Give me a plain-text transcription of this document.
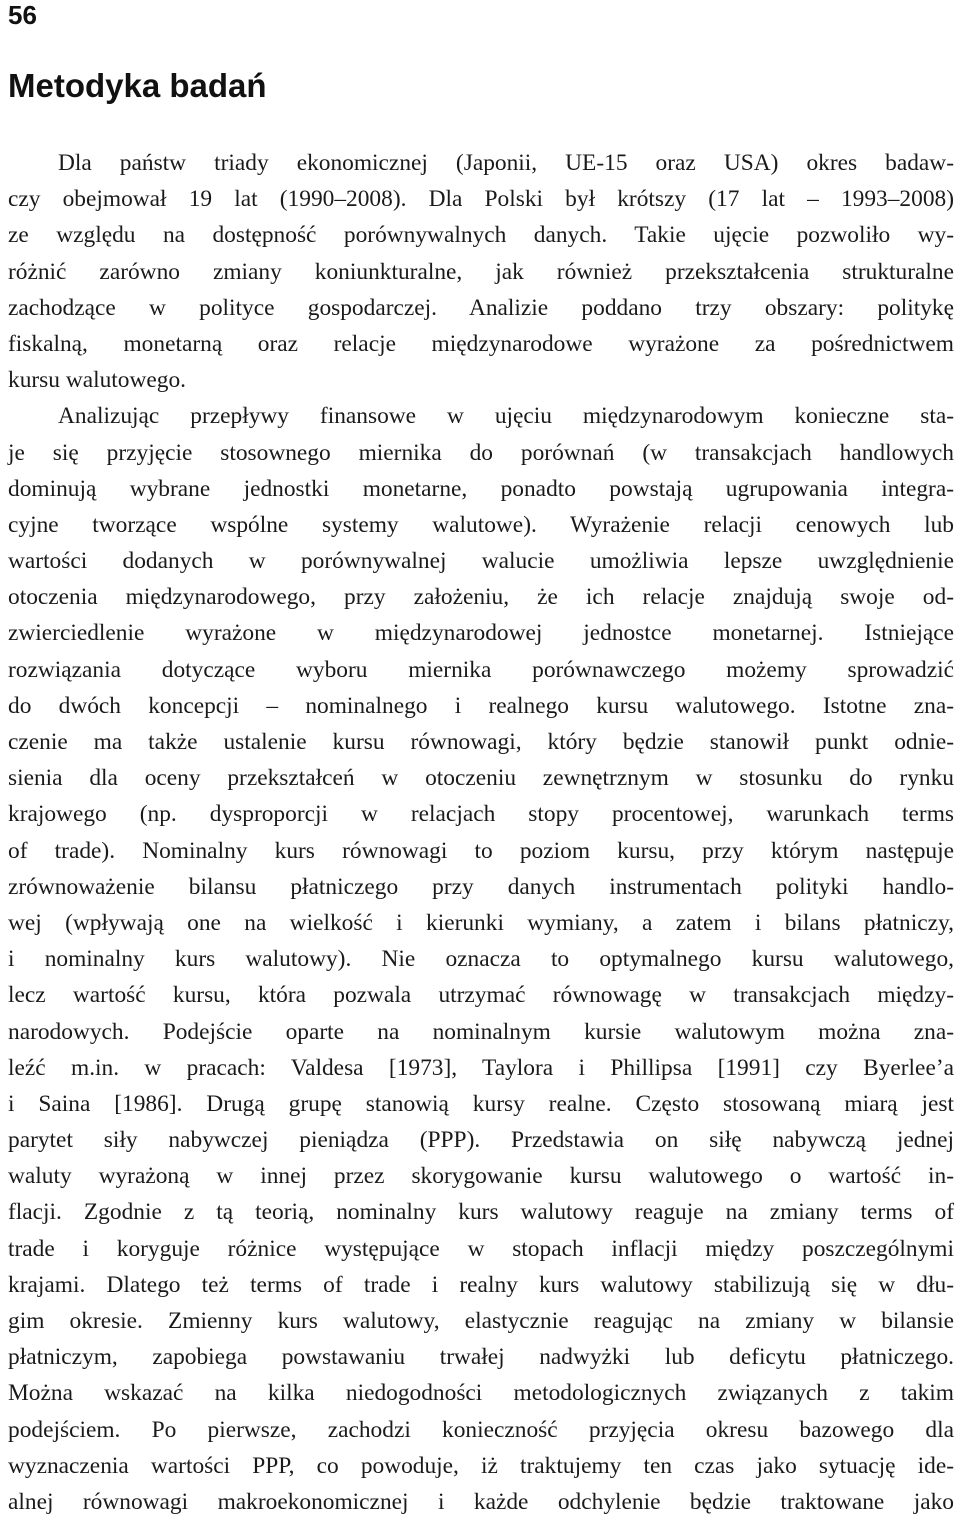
56
Metodyka badań
Dla państw triady ekonomicznej (Japonii, UE-15 oraz USA) okres badaw-
czy obejmował 19 lat (1990–2008). Dla Polski był krótszy (17 lat – 1993–2008)
ze względu na dostępność porównywalnych danych. Takie ujęcie pozwoliło wy-
różnić zarówno zmiany koniunkturalne, jak również przekształcenia strukturalne
zachodzące w polityce gospodarczej. Analizie poddano trzy obszary: politykę
fiskalną, monetarną oraz relacje międzynarodowe wyrażone za pośrednictwem
kursu walutowego.
Analizując przepływy finansowe w ujęciu międzynarodowym konieczne sta-
je się przyjęcie stosownego miernika do porównań (w transakcjach handlowych
dominują wybrane jednostki monetarne, ponadto powstają ugrupowania integra-
cyjne tworzące wspólne systemy walutowe). Wyrażenie relacji cenowych lub
wartości dodanych w porównywalnej walucie umożliwia lepsze uwzględnienie
otoczenia międzynarodowego, przy założeniu, że ich relacje znajdują swoje od-
zwierciedlenie wyrażone w międzynarodowej jednostce monetarnej. Istniejące
rozwiązania dotyczące wyboru miernika porównawczego możemy sprowadzić
do dwóch koncepcji – nominalnego i realnego kursu walutowego. Istotne zna-
czenie ma także ustalenie kursu równowagi, który będzie stanowił punkt odnie-
sienia dla oceny przekształceń w otoczeniu zewnętrznym w stosunku do rynku
krajowego (np. dysproporcji w relacjach stopy procentowej, warunkach terms
of trade). Nominalny kurs równowagi to poziom kursu, przy którym następuje
zrównoważenie bilansu płatniczego przy danych instrumentach polityki handlo-
wej (wpływają one na wielkość i kierunki wymiany, a zatem i bilans płatniczy,
i nominalny kurs walutowy). Nie oznacza to optymalnego kursu walutowego,
lecz wartość kursu, która pozwala utrzymać równowagę w transakcjach między-
narodowych. Podejście oparte na nominalnym kursie walutowym można zna-
leźć m.in. w pracach: Valdesa [1973], Taylora i Phillipsa [1991] czy Byerlee’a
i Saina [1986]. Drugą grupę stanowią kursy realne. Często stosowaną miarą jest
parytet siły nabywczej pieniądza (PPP). Przedstawia on siłę nabywczą jednej
waluty wyrażoną w innej przez skorygowanie kursu walutowego o wartość in-
flacji. Zgodnie z tą teorią, nominalny kurs walutowy reaguje na zmiany terms of
trade i koryguje różnice występujące w stopach inflacji między poszczególnymi
krajami. Dlatego też terms of trade i realny kurs walutowy stabilizują się w dłu-
gim okresie. Zmienny kurs walutowy, elastycznie reagując na zmiany w bilansie
płatniczym, zapobiega powstawaniu trwałej nadwyżki lub deficytu płatniczego.
Można wskazać na kilka niedogodności metodologicznych związanych z takim
podejściem. Po pierwsze, zachodzi konieczność przyjęcia okresu bazowego dla
wyznaczenia wartości PPP, co powoduje, iż traktujemy ten czas jako sytuację ide-
alnej równowagi makroekonomicznej i każde odchylenie będzie traktowane jako
